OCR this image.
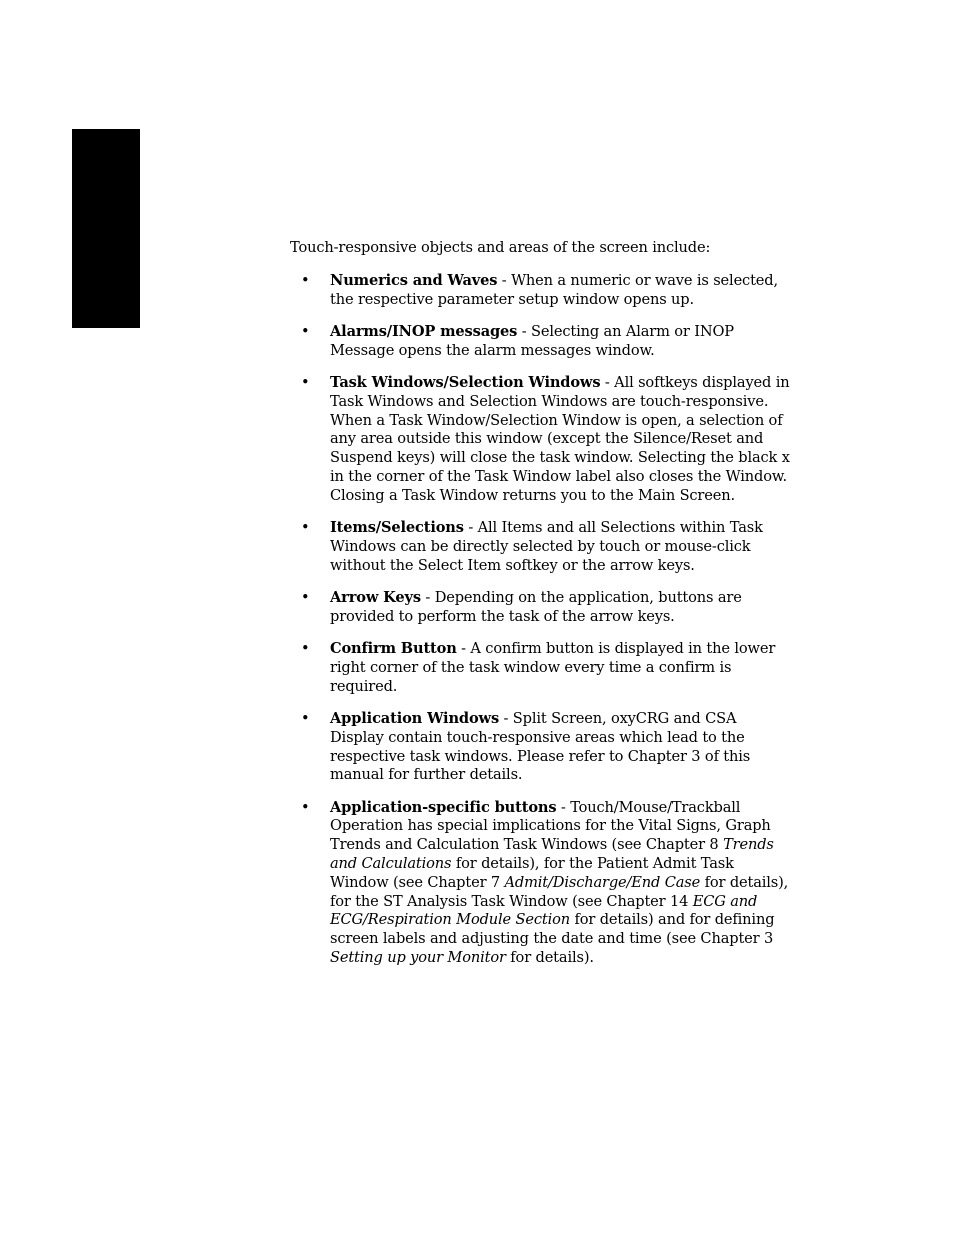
Touch-responsive objects and areas of the screen include:

• Numerics and Waves - When a numeric or wave is selected, the respective parameter setup window opens up.
• Alarms/INOP messages - Selecting an Alarm or INOP Message opens the alarm messages window.
• Task Windows/Selection Windows - All softkeys displayed in Task Windows and Selection Windows are touch-responsive. When a Task Window/Selection Window is open, a selection of any area outside this window (except the Silence/Reset and Suspend keys) will close the task window. Selecting the black x in the corner of the Task Window label also closes the Window. Closing a Task Window returns you to the Main Screen.
• Items/Selections - All Items and all Selections within Task Windows can be directly selected by touch or mouse-click without the Select Item softkey or the arrow keys.
• Arrow Keys - Depending on the application, buttons are provided to perform the task of the arrow keys.
• Confirm Button - A confirm button is displayed in the lower right corner of the task window every time a confirm is required.
• Application Windows - Split Screen, oxyCRG and CSA Display contain touch-responsive areas which lead to the respective task windows. Please refer to Chapter 3 of this manual for further details.
• Application-specific buttons - Touch/Mouse/Trackball Operation has special implications for the Vital Signs, Graph Trends and Calculation Task Windows (see Chapter 8 Trends and Calculations for details), for the Patient Admit Task Window (see Chapter 7 Admit/Discharge/End Case for details), for the ST Analysis Task Window (see Chapter 14 ECG and ECG/Respiration Module Section for details) and for defining screen labels and adjusting the date and time (see Chapter 3 Setting up your Monitor for details).
